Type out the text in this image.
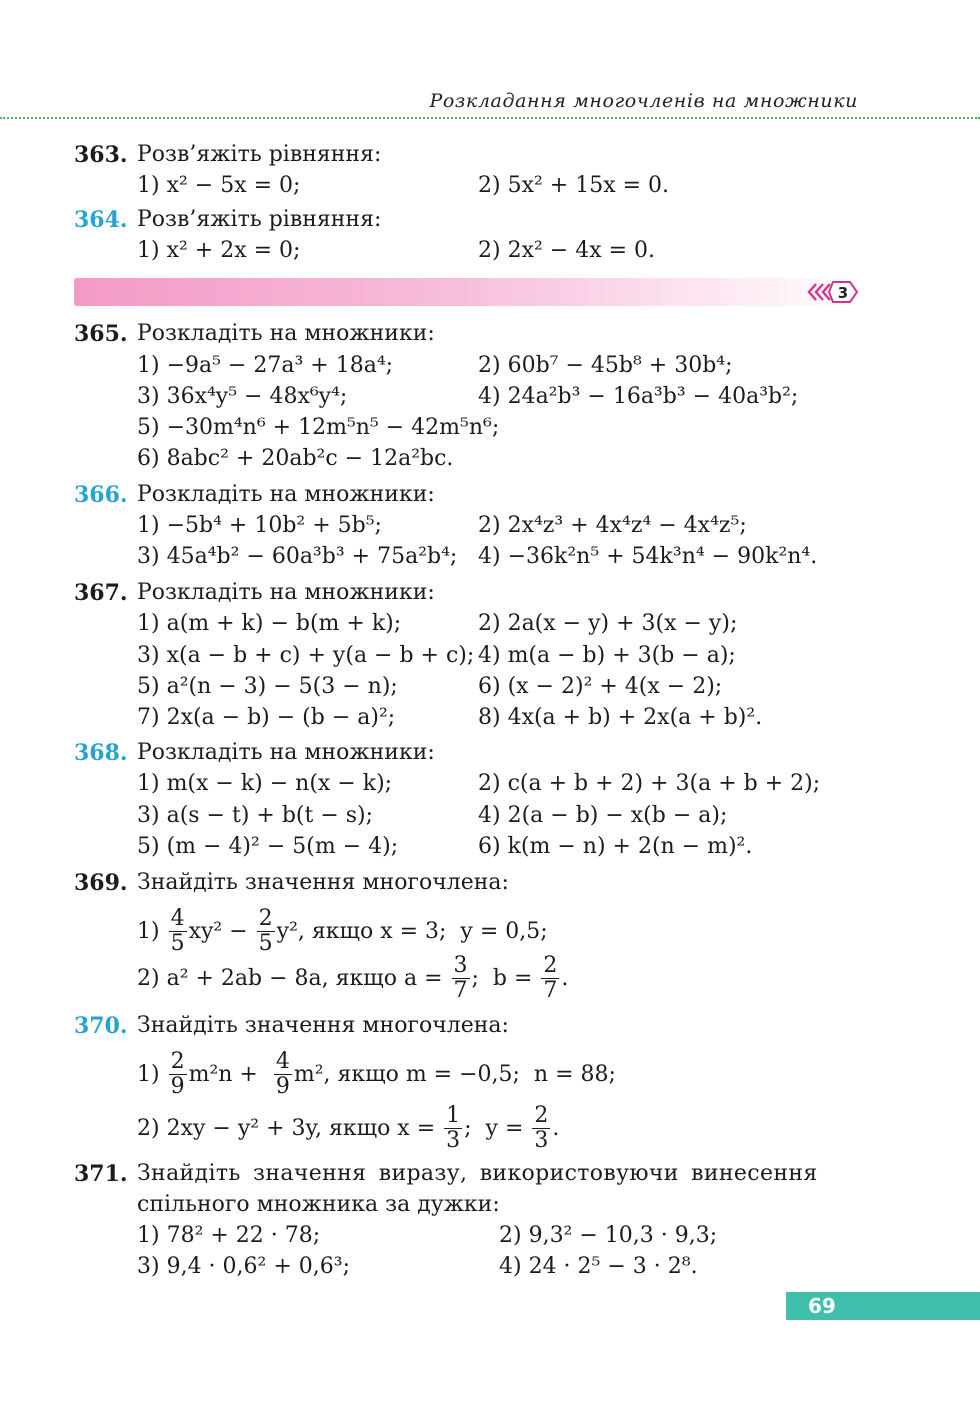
Розкладання многочленів на множники
363. Розв’яжіть рівняння:
1) x² − 5x = 0;	2) 5x² + 15x = 0.
364. Розв’яжіть рівняння:
1) x² + 2x = 0;	2) 2x² − 4x = 0.
3
365. Розкладіть на множники:
1) −9a⁵ − 27a³ + 18a⁴;	2) 60b⁷ − 45b⁸ + 30b⁴;
3) 36x⁴y⁵ − 48x⁶y⁴;	4) 24a²b³ − 16a³b³ − 40a³b²;
5) −30m⁴n⁶ + 12m⁵n⁵ − 42m⁵n⁶;
6) 8abc² + 20ab²c − 12a²bc.
366. Розкладіть на множники:
1) −5b⁴ + 10b² + 5b⁵;	2) 2x⁴z³ + 4x⁴z⁴ − 4x⁴z⁵;
3) 45a⁴b² − 60a³b³ + 75a²b⁴; 4) −36k²n⁵ + 54k³n⁴ − 90k²n⁴.
367. Розкладіть на множники:
1) a(m + k) − b(m + k);	2) 2a(x − y) + 3(x − y);
3) x(a − b + c) + y(a − b + c); 4) m(a − b) + 3(b − a);
5) a²(n − 3) − 5(3 − n);	6) (x − 2)² + 4(x − 2);
7) 2x(a − b) − (b − a)²;	8) 4x(a + b) + 2x(a + b)².
368. Розкладіть на множники:
1) m(x − k) − n(x − k);	2) c(a + b + 2) + 3(a + b + 2);
3) a(s − t) + b(t − s);	4) 2(a − b) − x(b − a);
5) (m − 4)² − 5(m − 4);	6) k(m − n) + 2(n − m)².
369. Знайдіть значення многочлена:
$1) \frac{4}{5} xy^2 - \frac{2}{5} y^2$, якщо x = 3;  y = 0,5;
2) a² + 2ab − 8a, якщо $a = \frac{3}{7}$ ;  $b = \frac{2}{7}$ .
370. Знайдіть значення многочлена:
$1) \frac{2}{9} m^2n + \frac{4}{9} m^2$, якщо m = −0,5;  n = 88;
2) 2xy − y² + 3y, якщо $x = \frac{1}{3}$ ;  $y = \frac{2}{3}$ .
371. Знайдіть значення виразу, використовуючи винесення
спільного множника за дужки:
1) 78² + 22 · 78;	2) 9,3² − 10,3 · 9,3;
3) 9,4 · 0,6² + 0,6³;	4) 24 · 2⁵ − 3 · 2⁸.
69
